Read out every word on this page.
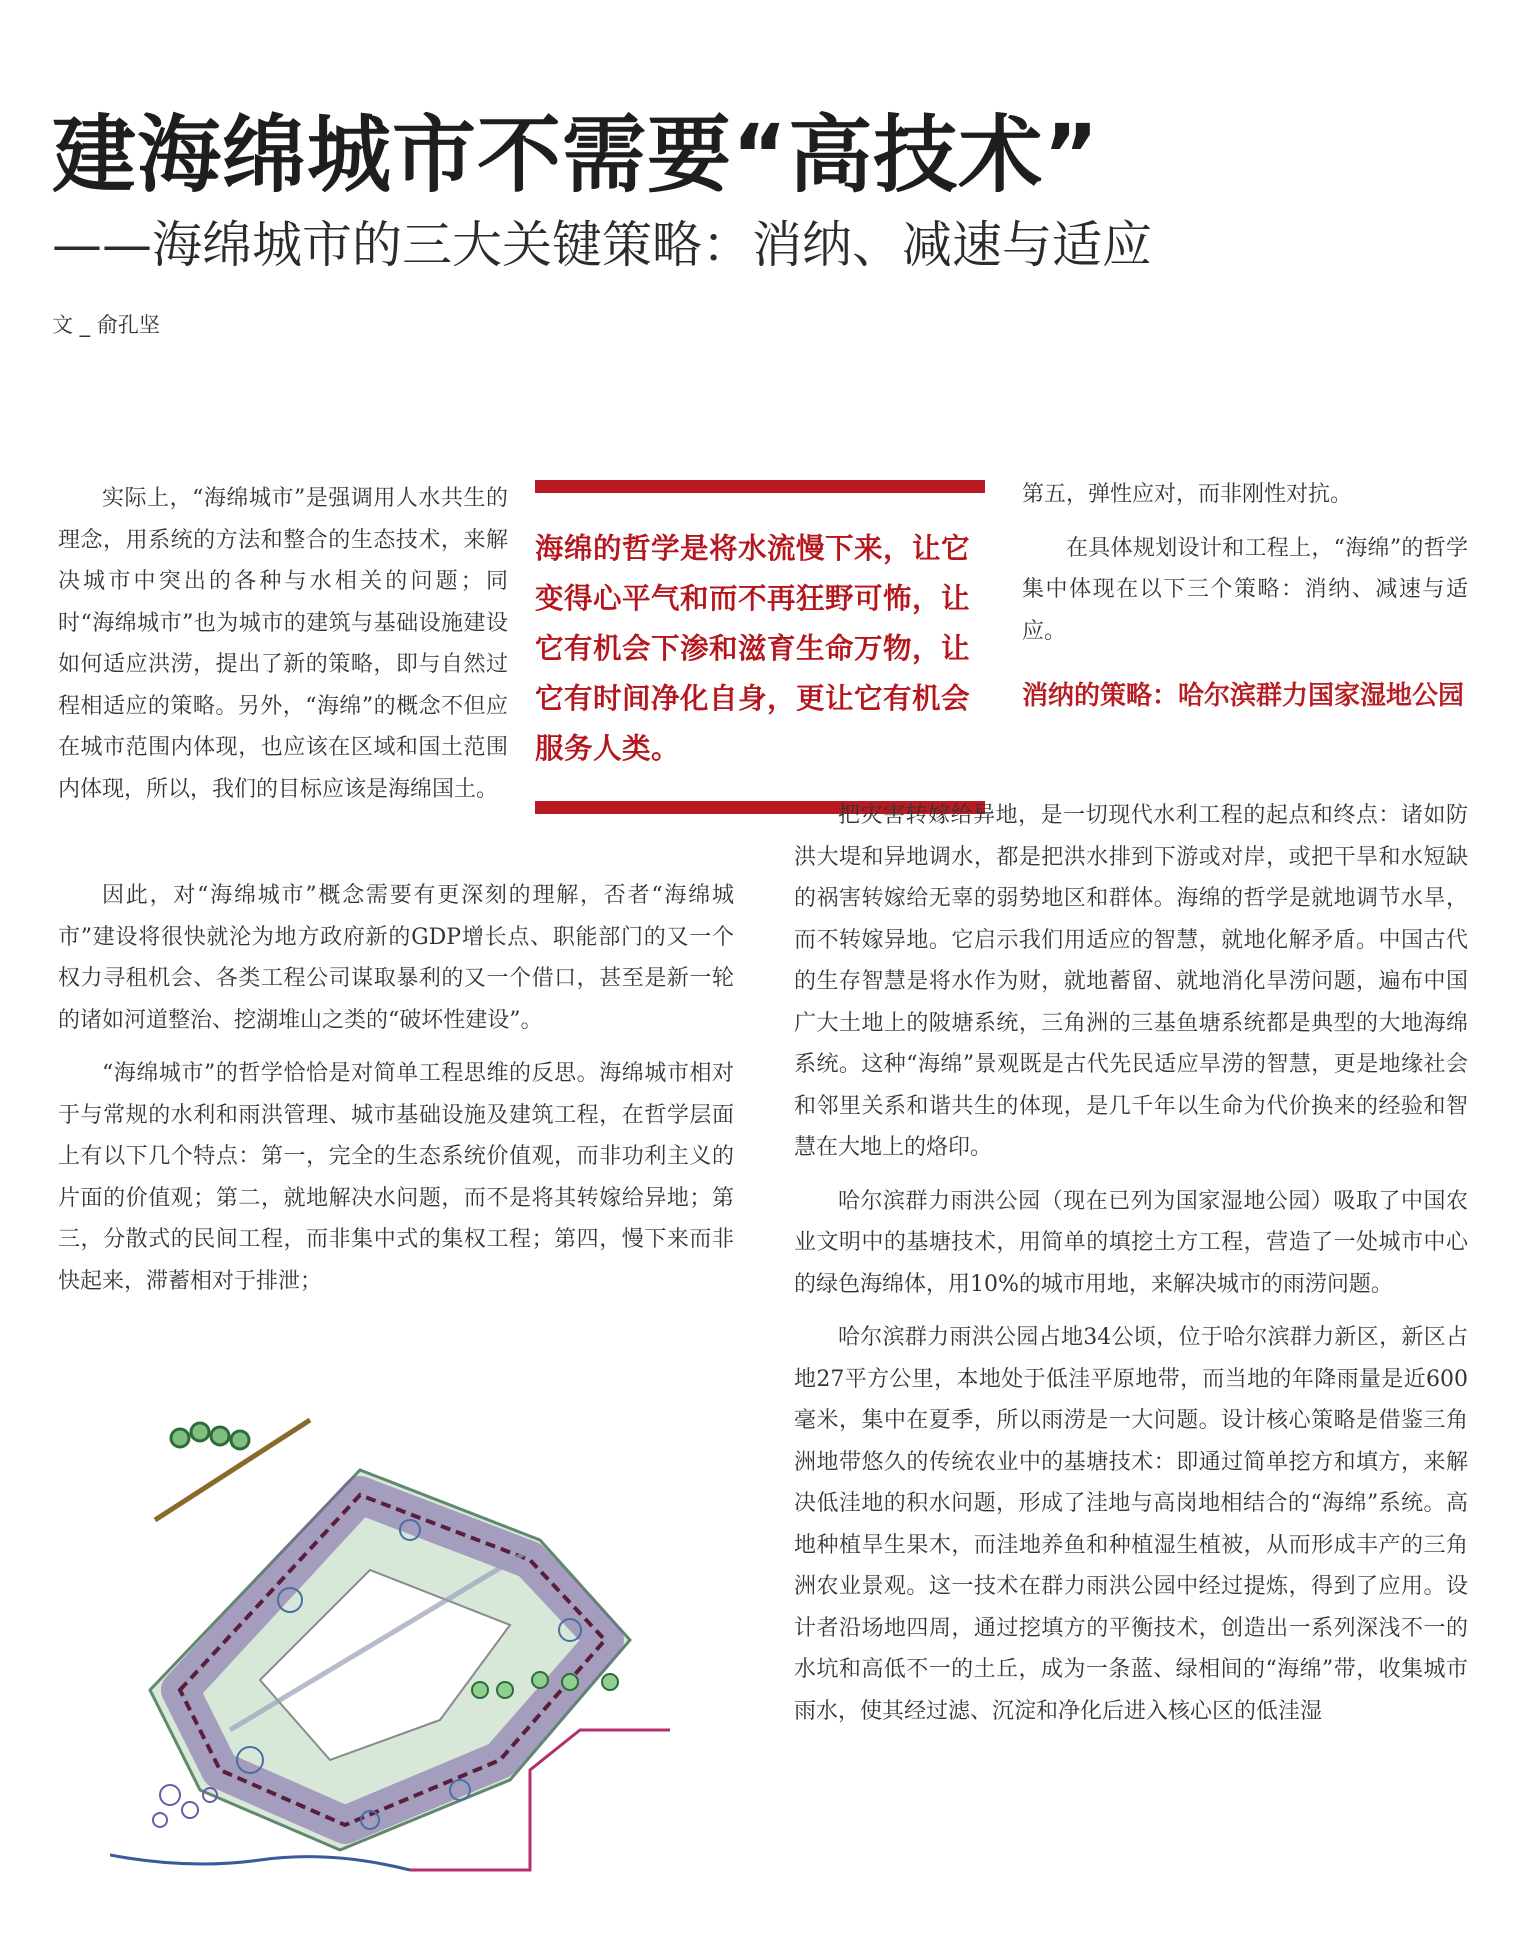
建海绵城市不需要“高技术”
——海绵城市的三大关键策略：消纳、减速与适应
文 _ 俞孔坚
海绵的哲学是将水流慢下来，让它变得心平气和而不再狂野可怖，让它有机会下渗和滋育生命万物，让它有时间净化自身，更让它有机会服务人类。

实际上，“海绵城市”是强调用人水共生的理念，用系统的方法和整合的生态技术，来解决城市中突出的各种与水相关的问题；同时“海绵城市”也为城市的建筑与基础设施建设如何适应洪涝，提出了新的策略，即与自然过程相适应的策略。另外，“海绵”的概念不但应在城市范围内体现，也应该在区域和国土范围内体现，所以，我们的目标应该是海绵国土。

因此，对“海绵城市”概念需要有更深刻的理解，否者“海绵城市”建设将很快就沦为地方政府新的GDP增长点、职能部门的又一个权力寻租机会、各类工程公司谋取暴利的又一个借口，甚至是新一轮的诸如河道整治、挖湖堆山之类的“破坏性建设”。

“海绵城市”的哲学恰恰是对简单工程思维的反思。海绵城市相对于与常规的水利和雨洪管理、城市基础设施及建筑工程，在哲学层面上有以下几个特点：第一，完全的生态系统价值观，而非功利主义的片面的价值观；第二，就地解决水问题，而不是将其转嫁给异地；第三，分散式的民间工程，而非集中式的集权工程；第四，慢下来而非快起来，滞蓄相对于排泄；

第五，弹性应对，而非刚性对抗。

在具体规划设计和工程上，“海绵”的哲学集中体现在以下三个策略：消纳、减速与适应。

消纳的策略：哈尔滨群力国家湿地公园

把灾害转嫁给异地，是一切现代水利工程的起点和终点：诸如防洪大堤和异地调水，都是把洪水排到下游或对岸，或把干旱和水短缺的祸害转嫁给无辜的弱势地区和群体。海绵的哲学是就地调节水旱，而不转嫁异地。它启示我们用适应的智慧，就地化解矛盾。中国古代的生存智慧是将水作为财，就地蓄留、就地消化旱涝问题，遍布中国广大土地上的陂塘系统，三角洲的三基鱼塘系统都是典型的大地海绵系统。这种“海绵”景观既是古代先民适应旱涝的智慧，更是地缘社会和邻里关系和谐共生的体现，是几千年以生命为代价换来的经验和智慧在大地上的烙印。

哈尔滨群力雨洪公园（现在已列为国家湿地公园）吸取了中国农业文明中的基塘技术，用简单的填挖土方工程，营造了一处城市中心的绿色海绵体，用10%的城市用地，来解决城市的雨涝问题。

哈尔滨群力雨洪公园占地34公顷，位于哈尔滨群力新区，新区占地27平方公里，本地处于低洼平原地带，而当地的年降雨量是近600毫米，集中在夏季，所以雨涝是一大问题。设计核心策略是借鉴三角洲地带悠久的传统农业中的基塘技术：即通过简单挖方和填方，来解决低洼地的积水问题，形成了洼地与高岗地相结合的“海绵”系统。高地种植旱生果木，而洼地养鱼和种植湿生植被，从而形成丰产的三角洲农业景观。这一技术在群力雨洪公园中经过提炼，得到了应用。设计者沿场地四周，通过挖填方的平衡技术，创造出一系列深浅不一的水坑和高低不一的土丘，成为一条蓝、绿相间的“海绵”带，收集城市雨水，使其经过滤、沉淀和净化后进入核心区的低洼湿
